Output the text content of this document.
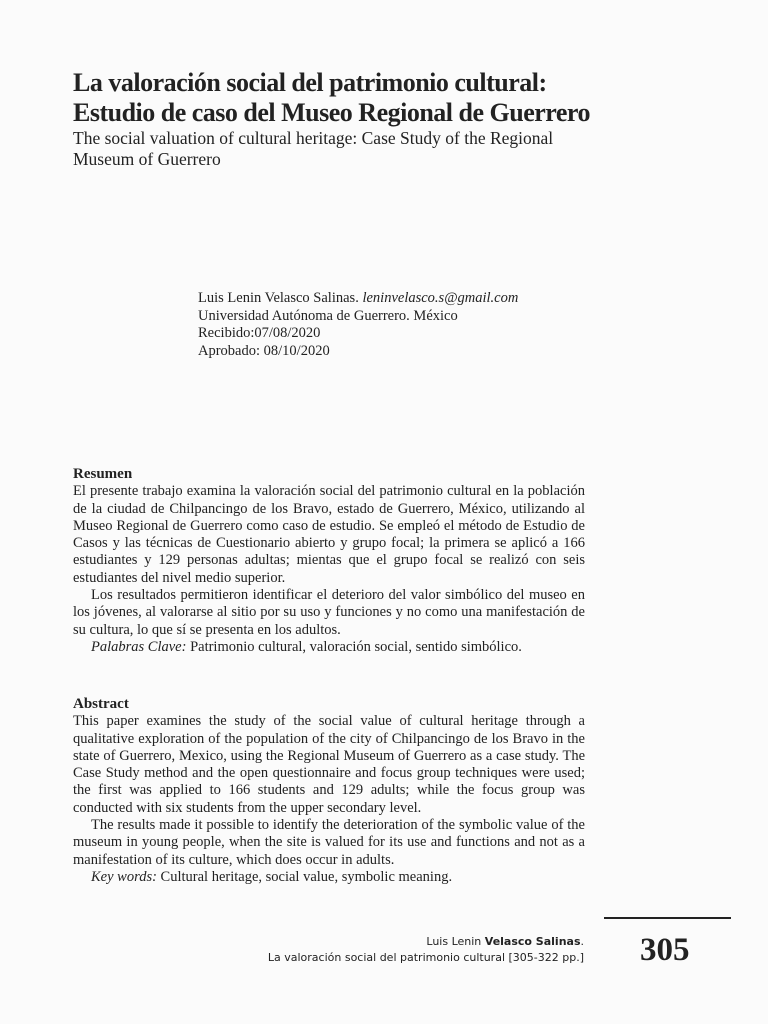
La valoración social del patrimonio cultural:
Estudio de caso del Museo Regional de Guerrero
The social valuation of cultural heritage: Case Study of the Regional Museum of Guerrero
Luis Lenin Velasco Salinas. leninvelasco.s@gmail.com
Universidad Autónoma de Guerrero. México
Recibido:07/08/2020
Aprobado: 08/10/2020
Resumen

El presente trabajo examina la valoración social del patrimonio cultural en la población de la ciudad de Chilpancingo de los Bravo, estado de Guerrero, México, utilizando al Museo Regional de Guerrero como caso de estudio. Se empleó el método de Estudio de Casos y las técnicas de Cuestionario abierto y grupo focal; la primera se aplicó a 166 estudiantes y 129 personas adultas; mientas que el grupo focal se realizó con seis estudiantes del nivel medio superior.

Los resultados permitieron identificar el deterioro del valor simbólico del museo en los jóvenes, al valorarse al sitio por su uso y funciones y no como una manifestación de su cultura, lo que sí se presenta en los adultos.

Palabras Clave: Patrimonio cultural, valoración social, sentido simbólico.

Abstract

This paper examines the study of the social value of cultural heritage through a qualitative exploration of the population of the city of Chilpancingo de los Bravo in the state of Guerrero, Mexico, using the Regional Museum of Guerrero as a case study. The Case Study method and the open questionnaire and focus group techniques were used; the first was applied to 166 students and 129 adults; while the focus group was conducted with six students from the upper secondary level.

The results made it possible to identify the deterioration of the symbolic value of the museum in young people, when the site is valued for its use and functions and not as a manifestation of its culture, which does occur in adults.

Key words: Cultural heritage, social value, symbolic meaning.

Luis Lenin Velasco Salinas.
La valoración social del patrimonio cultural [305-322 pp.] 305
